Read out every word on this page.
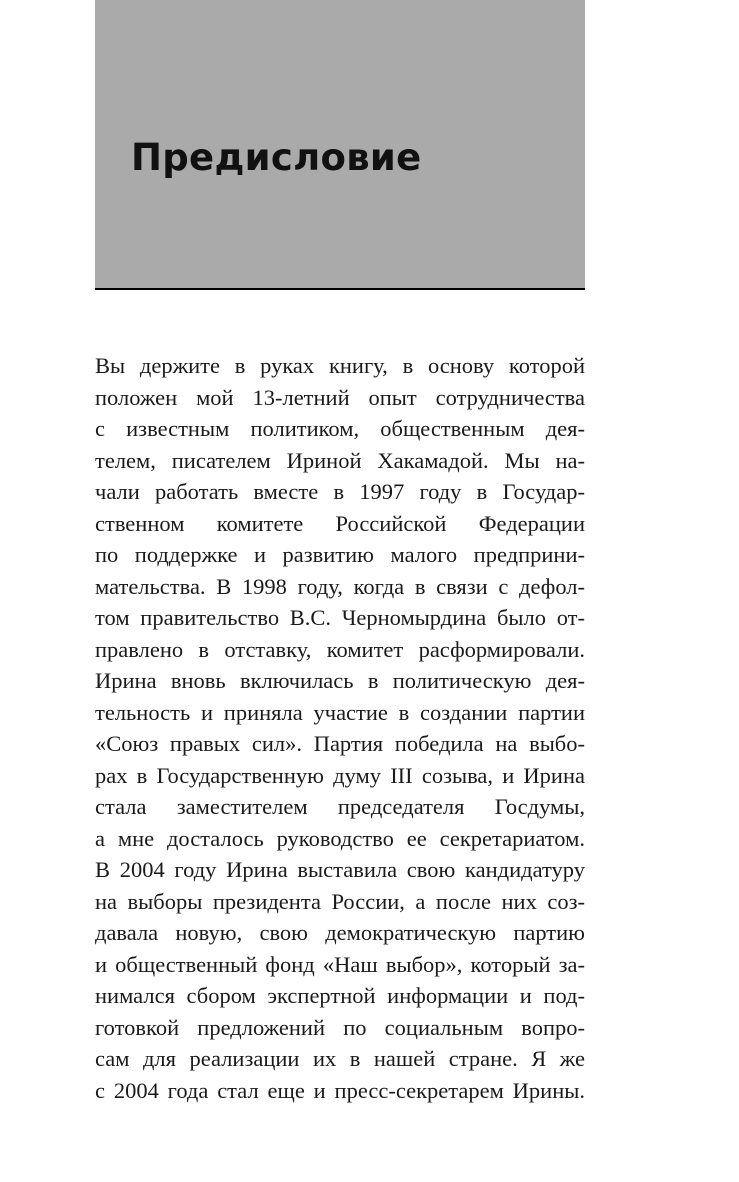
Предисловие
Вы держите в руках книгу, в основу которой
положен мой 13-летний опыт сотрудничества
с известным политиком, общественным дея-
телем, писателем Ириной Хакамадой. Мы на-
чали работать вместе в 1997 году в Государ-
ственном комитете Российской Федерации
по поддержке и развитию малого предприни-
мательства. В 1998 году, когда в связи с дефол-
том правительство В.С. Черномырдина было от-
правлено в отставку, комитет расформировали.
Ирина вновь включилась в политическую дея-
тельность и приняла участие в создании партии
«Союз правых сил». Партия победила на выбо-
рах в Государственную думу III созыва, и Ирина
стала заместителем председателя Госдумы,
а мне досталось руководство ее секретариатом.
В 2004 году Ирина выставила свою кандидатуру
на выборы президента России, а после них соз-
давала новую, свою демократическую партию
и общественный фонд «Наш выбор», который за-
нимался сбором экспертной информации и под-
готовкой предложений по социальным вопро-
сам для реализации их в нашей стране. Я же
с 2004 года стал еще и пресс-секретарем Ирины.
